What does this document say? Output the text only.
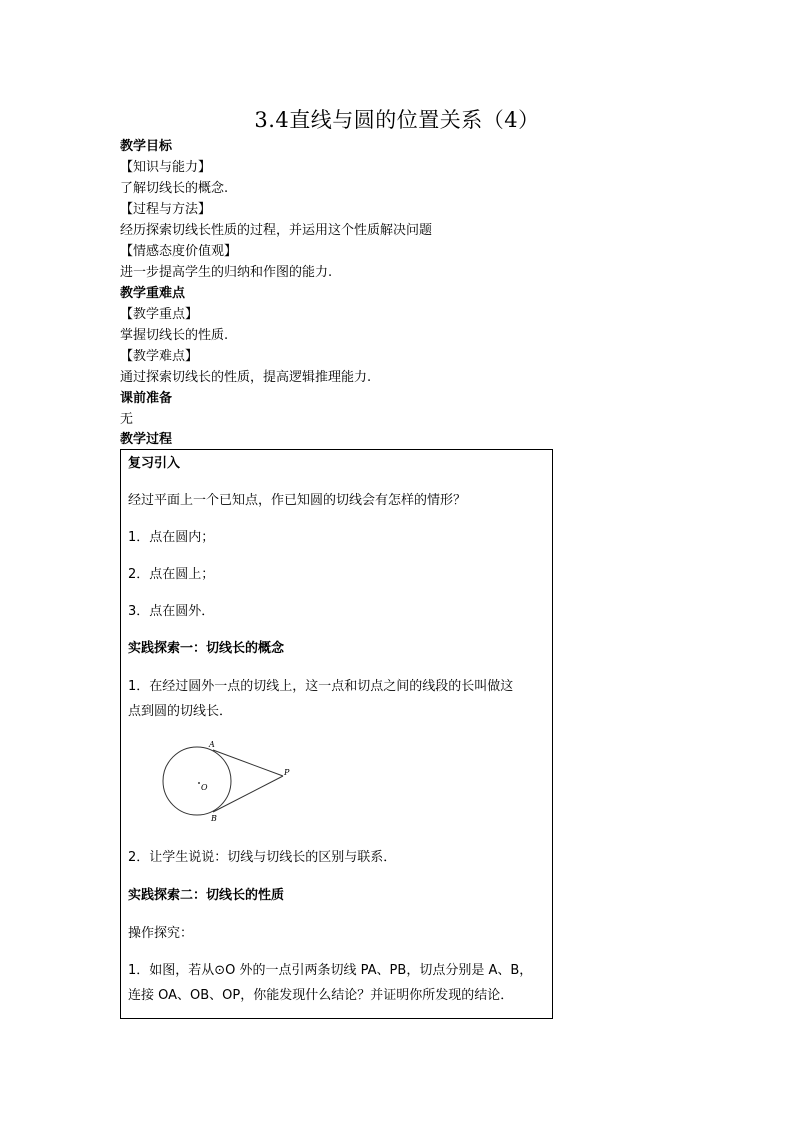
3.4直线与圆的位置关系（4）
教学目标
【知识与能力】
了解切线长的概念.
【过程与方法】
经历探索切线长性质的过程，并运用这个性质解决问题
【情感态度价值观】
进一步提高学生的归纳和作图的能力.
教学重难点
【教学重点】
掌握切线长的性质.
【教学难点】
通过探索切线长的性质，提高逻辑推理能力.
课前准备
无
教学过程
复习引入
经过平面上一个已知点，作已知圆的切线会有怎样的情形？
1．点在圆内；
2．点在圆上；
3．点在圆外．
实践探索一：切线长的概念
1．在经过圆外一点的切线上，这一点和切点之间的线段的长叫做这
点到圆的切线长．
A
B
O
P
2．让学生说说：切线与切线长的区别与联系．
实践探索二：切线长的性质
操作探究：
1．如图，若从⊙O 外的一点引两条切线 PA、PB，切点分别是 A、B，
连接 OA、OB、OP，你能发现什么结论？并证明你所发现的结论．
